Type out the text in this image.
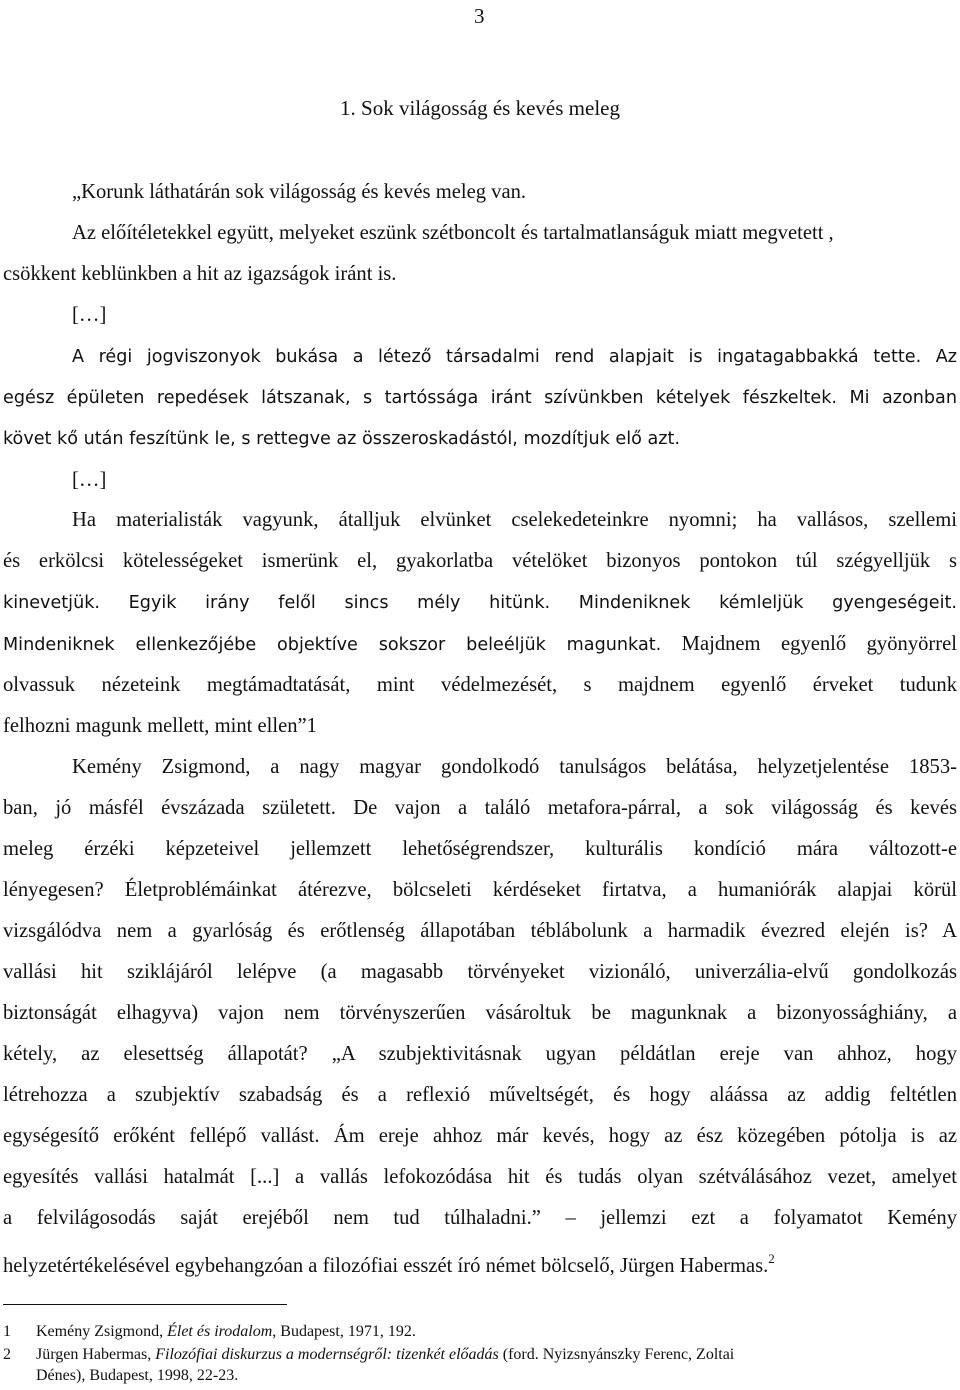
3
1. Sok világosság és kevés meleg
„Korunk láthatárán sok világosság és kevés meleg van.
Az előítéletekkel együtt, melyeket eszünk szétboncolt és tartalmatlanságuk miatt megvetett ,
csökkent keblünkben a hit az igazságok iránt is.
[…]
A régi jogviszonyok bukása a létező társadalmi rend alapjait is ingatagabbakká tette. Az
egész épületen repedések látszanak, s tartóssága iránt szívünkben kételyek fészkeltek. Mi azonban
követ kő után feszítünk le, s rettegve az összeroskadástól, mozdítjuk elő azt.
[…]
Ha materialisták vagyunk, átalljuk elvünket cselekedeteinkre nyomni; ha vallásos, szellemi
és erkölcsi kötelességeket ismerünk el, gyakorlatba vételöket bizonyos pontokon túl szégyelljük s
kinevetjük. Egyik irány felől sincs mély hitünk. Mindeniknek kémleljük gyengeségeit.
Mindeniknek ellenkezőjébe objektíve sokszor beleéljük magunkat. Majdnem egyenlő gyönyörrel
olvassuk nézeteink megtámadtatását, mint védelmezését, s majdnem egyenlő érveket tudunk
felhozni magunk mellett, mint ellen”1
Kemény Zsigmond, a nagy magyar gondolkodó tanulságos belátása, helyzetjelentése 1853-
ban, jó másfél évszázada született. De vajon a találó metafora-párral, a sok világosság és kevés
meleg érzéki képzeteivel jellemzett lehetőségrendszer, kulturális kondíció mára változott-e
lényegesen? Életproblémáinkat átérezve, bölcseleti kérdéseket firtatva, a humaniórák alapjai körül
vizsgálódva nem a gyarlóság és erőtlenség állapotában téblábolunk a harmadik évezred elején is? A
vallási hit sziklájáról lelépve (a magasabb törvényeket vizionáló, univerzália-elvű gondolkozás
biztonságát elhagyva) vajon nem törvényszerűen vásároltuk be magunknak a bizonyossághiány, a
kétely, az elesettség állapotát? „A szubjektivitásnak ugyan példátlan ereje van ahhoz, hogy
létrehozza a szubjektív szabadság és a reflexió műveltségét, és hogy aláássa az addig feltétlen
egységesítő erőként fellépő vallást. Ám ereje ahhoz már kevés, hogy az ész közegében pótolja is az
egyesítés vallási hatalmát [...] a vallás lefokozódása hit és tudás olyan szétválásához vezet, amelyet
a felvilágosodás saját erejéből nem tud túlhaladni.” – jellemzi ezt a folyamatot Kemény
helyzetértékelésével egybehangzóan a filozófiai esszét író német bölcselő, Jürgen Habermas.$^2$
1 Kemény Zsigmond, Élet és irodalom, Budapest, 1971, 192.
2 Jürgen Habermas, Filozófiai diskurzus a modernségről: tizenkét előadás (ford. Nyizsnyánszky Ferenc, Zoltai
Dénes), Budapest, 1998, 22-23.
